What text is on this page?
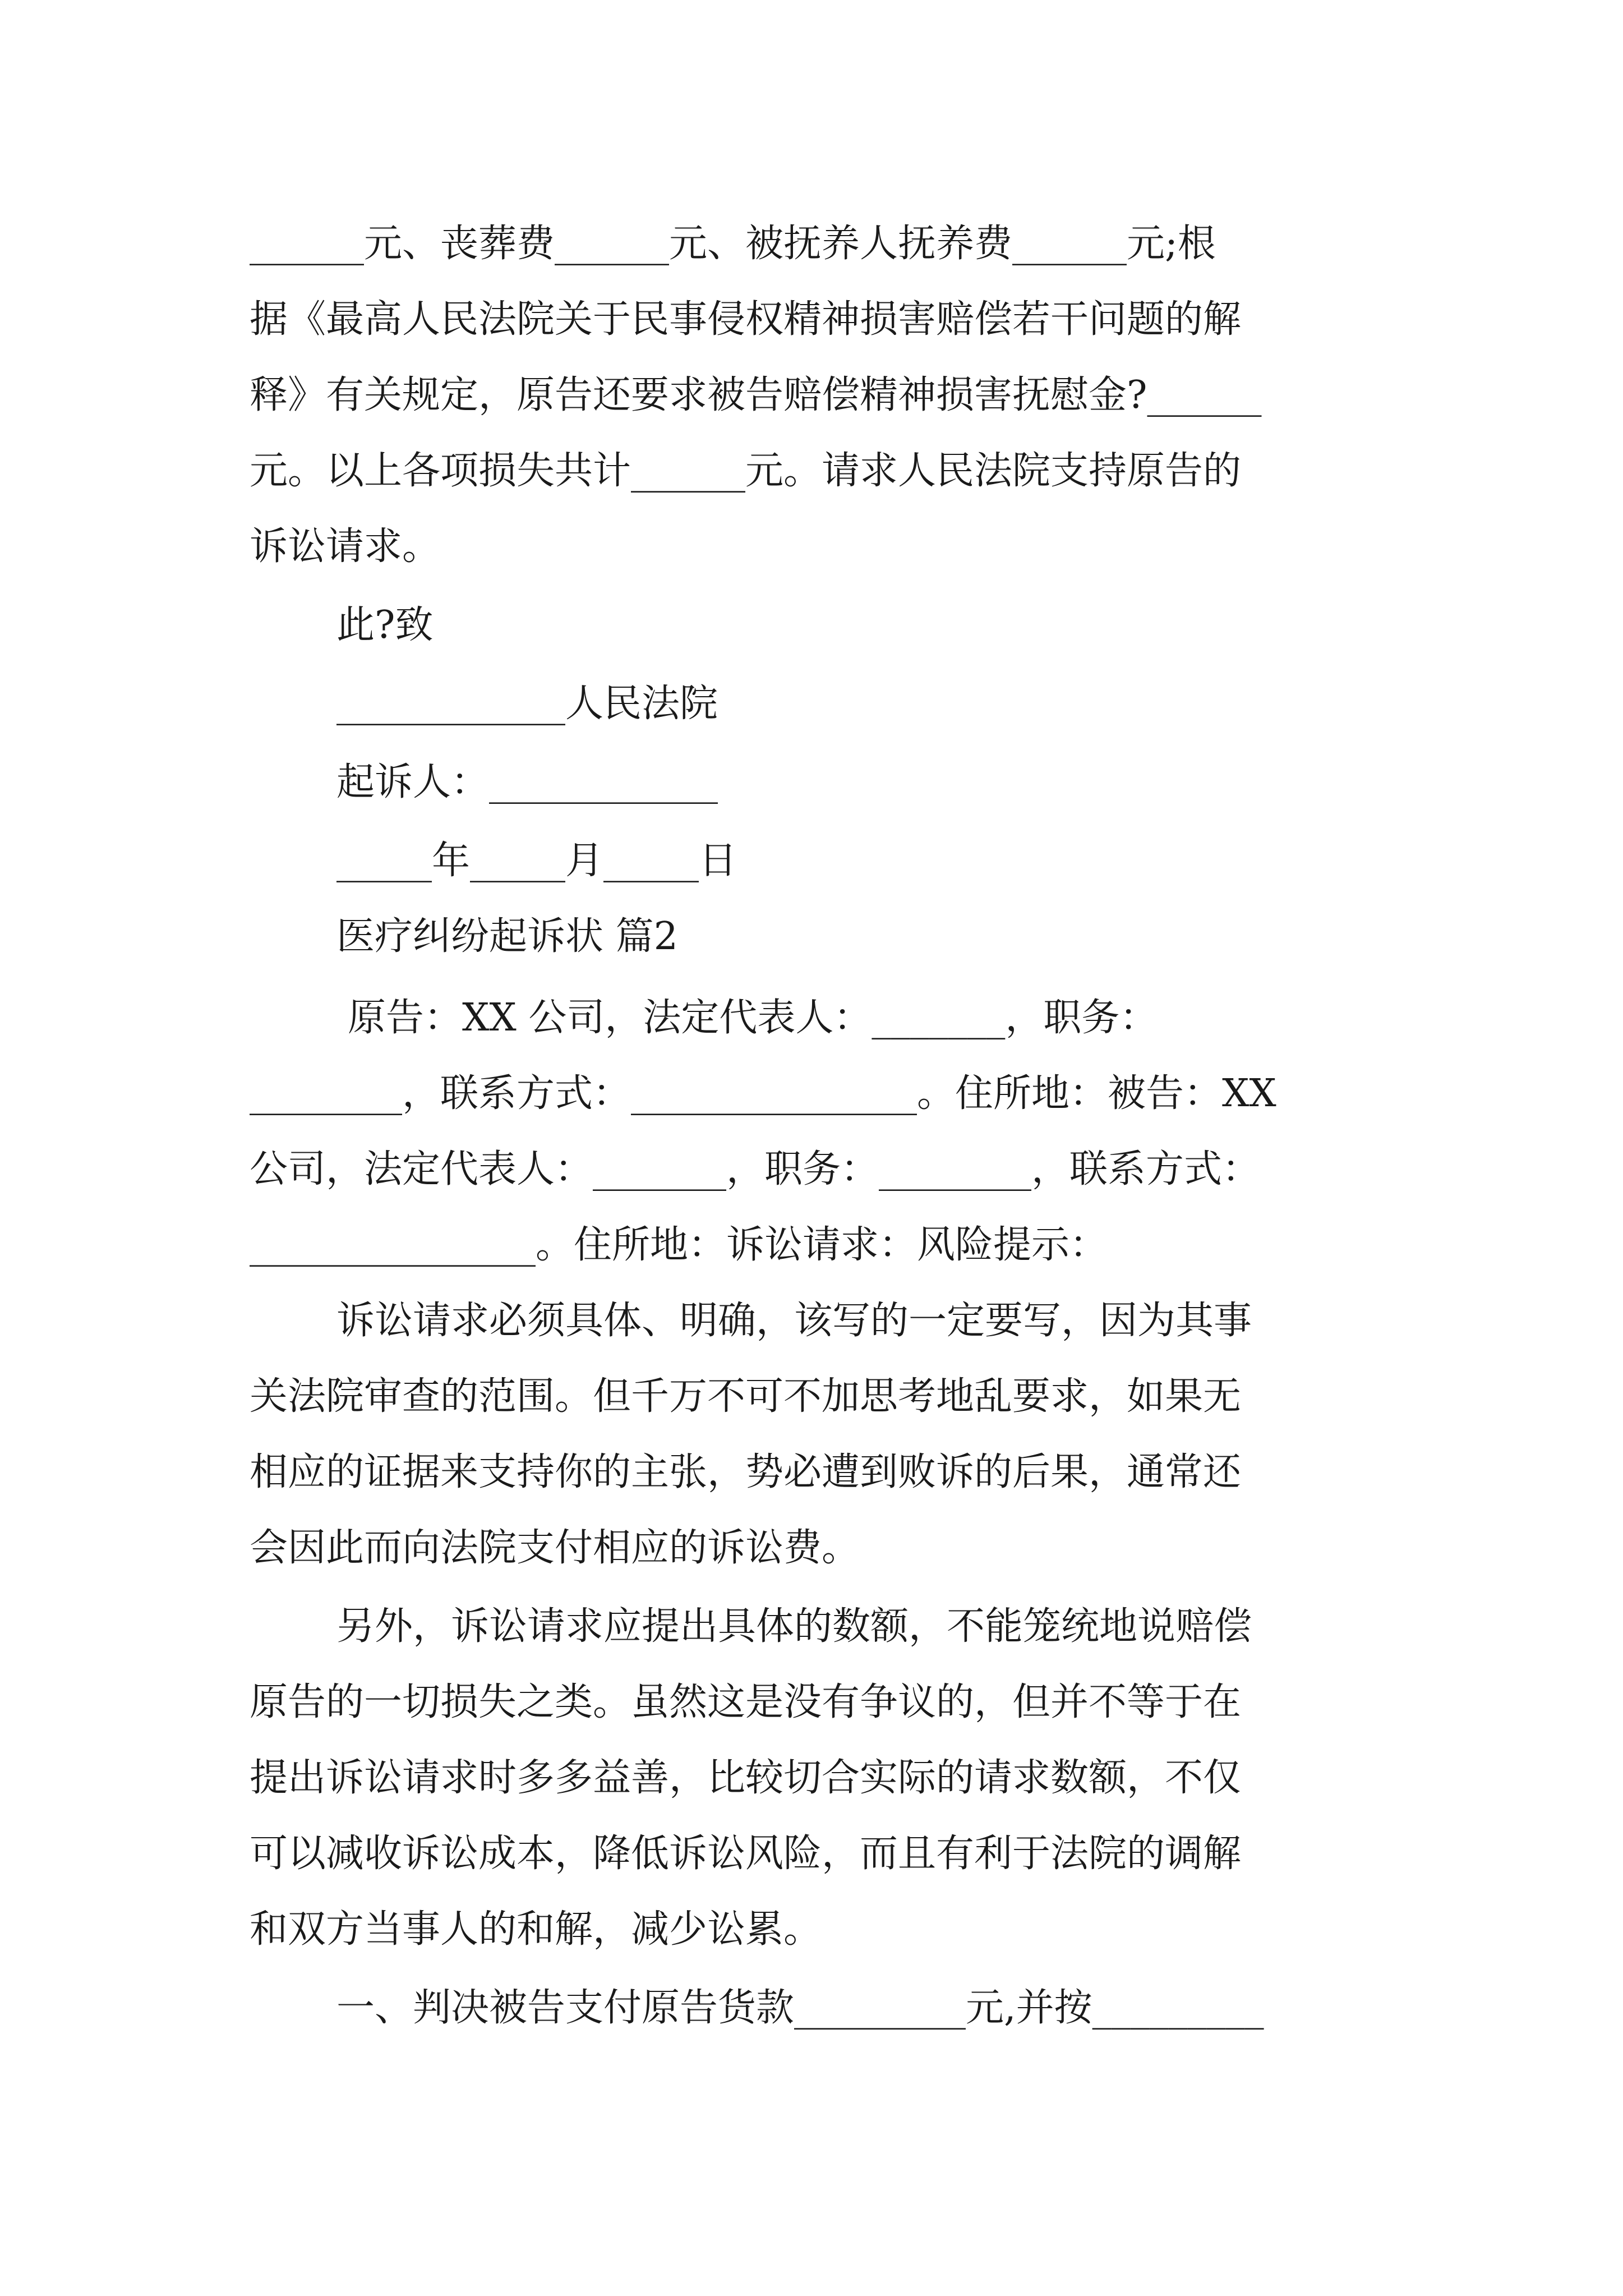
______元、丧葬费______元、被抚养人抚养费______元;根
据《最高人民法院关于民事侵权精神损害赔偿若干问题的解
释》有关规定，原告还要求被告赔偿精神损害抚慰金?______
元。以上各项损失共计______元。请求人民法院支持原告的
诉讼请求。
此?致
____________人民法院
起诉人：____________
_____年_____月_____日
医疗纠纷起诉状 篇2
原告：XX 公司，法定代表人：_______，职务：
________，联系方式：_______________。住所地：被告：XX
公司，法定代表人：_______，职务：________，联系方式：
_______________。住所地：诉讼请求：风险提示：
诉讼请求必须具体、明确，该写的一定要写，因为其事
关法院审查的范围。但千万不可不加思考地乱要求，如果无
相应的证据来支持你的主张，势必遭到败诉的后果，通常还
会因此而向法院支付相应的诉讼费。
另外，诉讼请求应提出具体的数额，不能笼统地说赔偿
原告的一切损失之类。虽然这是没有争议的，但并不等于在
提出诉讼请求时多多益善，比较切合实际的请求数额，不仅
可以减收诉讼成本，降低诉讼风险，而且有利于法院的调解
和双方当事人的和解，减少讼累。
一、判决被告支付原告货款_________元,并按_________
